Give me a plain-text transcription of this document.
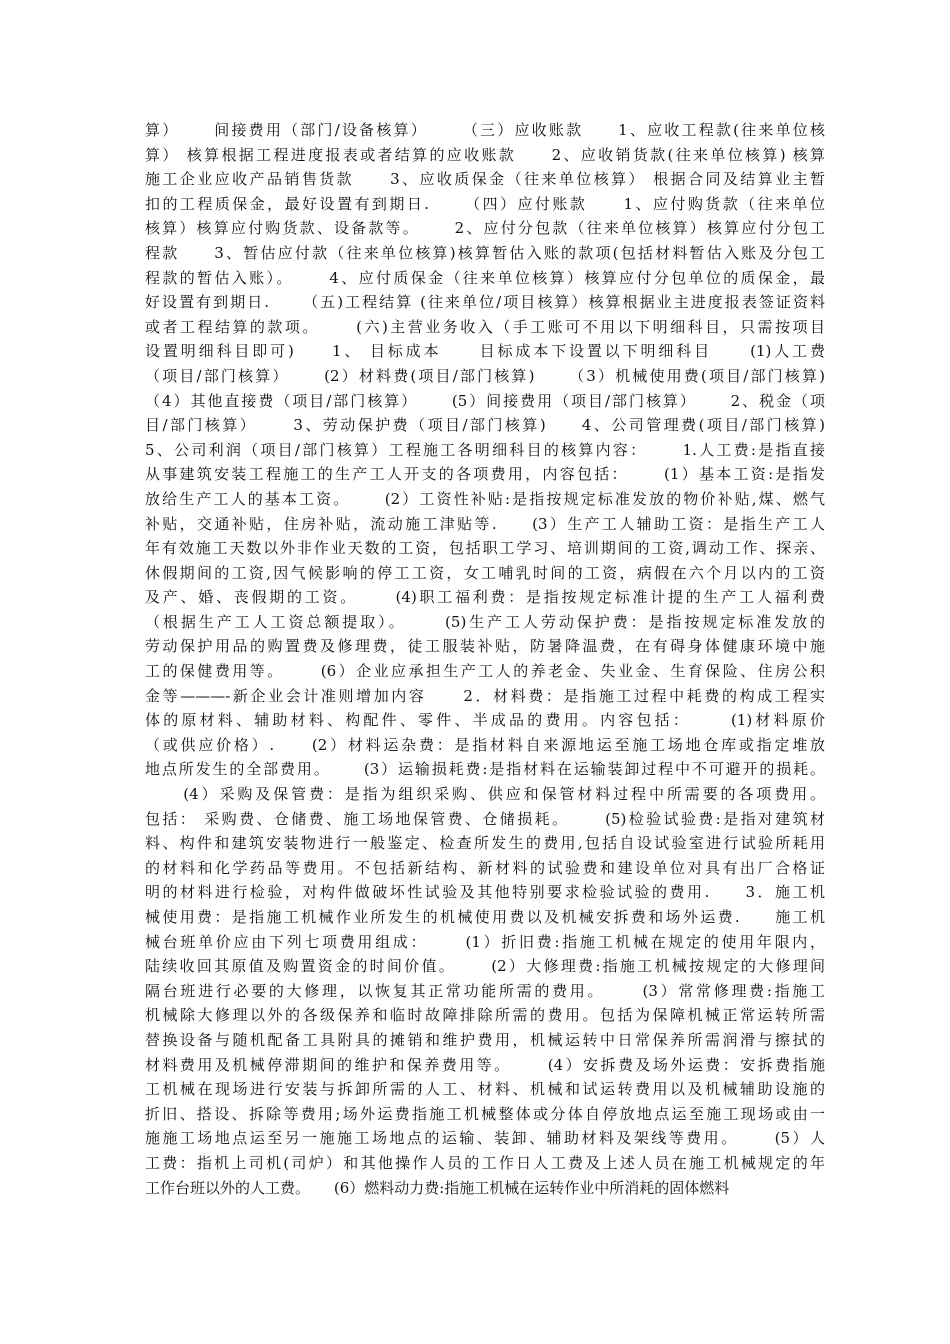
算）     间接费用（部门/设备核算）     （三）应收账款     1、应收工程款(往来单位核
算） 核算根据工程进度报表或者结算的应收账款     2、应收销货款(往来单位核算) 核算
施工企业应收产品销售货款     3、应收质保金（往来单位核算） 根据合同及结算业主暂
扣的工程质保金，最好设置有到期日.     （四）应付账款     1、应付购货款（往来单位
核算）核算应付购货款、设备款等。     2、应付分包款（往来单位核算）核算应付分包工
程款     3、暂估应付款（往来单位核算)核算暂估入账的款项(包括材料暂估入账及分包工
程款的暂估入账）。     4、应付质保金（往来单位核算）核算应付分包单位的质保金，最
好设置有到期日.     （五)工程结算 (往来单位/项目核算）核算根据业主进度报表签证资料
或者工程结算的款项。     (六)主营业务收入（手工账可不用以下明细科目，只需按项目
设置明细科目即可)     1、 目标成本     目标成本下设置以下明细科目     (1)人工费
（项目/部门核算）     (2）材料费(项目/部门核算)     （3）机械使用费(项目/部门核算)
（4）其他直接费（项目/部门核算）     (5）间接费用（项目/部门核算）     2、税金（项
目/部门核算）     3、劳动保护费（项目/部门核算)     4、公司管理费(项目/部门核算)
5、公司利润（项目/部门核算）工程施工各明细科目的核算内容：     1.人工费:是指直接
从事建筑安装工程施工的生产工人开支的各项费用，内容包括：     (1）基本工资:是指发
放给生产工人的基本工资。     (2）工资性补贴:是指按规定标准发放的物价补贴,煤、燃气
补贴，交通补贴，住房补贴，流动施工津贴等.     (3）生产工人辅助工资：是指生产工人
年有效施工天数以外非作业天数的工资，包括职工学习、培训期间的工资,调动工作、探亲、
休假期间的工资,因气候影响的停工工资，女工哺乳时间的工资，病假在六个月以内的工资
及产、婚、丧假期的工资。     (4)职工福利费：是指按规定标准计提的生产工人福利费
（根据生产工人工资总额提取）。     (5)生产工人劳动保护费：是指按规定标准发放的
劳动保护用品的购置费及修理费，徒工服装补贴，防暑降温费，在有碍身体健康环境中施
工的保健费用等。     (6）企业应承担生产工人的养老金、失业金、生育保险、住房公积
金等———-新企业会计准则增加内容     2．材料费：是指施工过程中耗费的构成工程实
体的原材料、辅助材料、构配件、零件、半成品的费用。内容包括：     (1)材料原价
（或供应价格）.     (2）材料运杂费：是指材料自来源地运至施工场地仓库或指定堆放
地点所发生的全部费用。     (3）运输损耗费:是指材料在运输装卸过程中不可避开的损耗。
(4）采购及保管费：是指为组织采购、供应和保管材料过程中所需要的各项费用。
包括： 采购费、仓储费、施工场地保管费、仓储损耗。     (5)检验试验费:是指对建筑材
料、构件和建筑安装物进行一般鉴定、检查所发生的费用,包括自设试验室进行试验所耗用
的材料和化学药品等费用。不包括新结构、新材料的试验费和建设单位对具有出厂合格证
明的材料进行检验，对构件做破坏性试验及其他特别要求检验试验的费用.     3．施工机
械使用费：是指施工机械作业所发生的机械使用费以及机械安拆费和场外运费.     施工机
械台班单价应由下列七项费用组成：     (1）折旧费:指施工机械在规定的使用年限内，
陆续收回其原值及购置资金的时间价值。     (2）大修理费:指施工机械按规定的大修理间
隔台班进行必要的大修理，以恢复其正常功能所需的费用。     (3）常常修理费:指施工
机械除大修理以外的各级保养和临时故障排除所需的费用。包括为保障机械正常运转所需
替换设备与随机配备工具附具的摊销和维护费用，机械运转中日常保养所需润滑与擦拭的
材料费用及机械停滞期间的维护和保养费用等。     (4）安拆费及场外运费：安拆费指施
工机械在现场进行安装与拆卸所需的人工、材料、机械和试运转费用以及机械辅助设施的
折旧、搭设、拆除等费用;场外运费指施工机械整体或分体自停放地点运至施工现场或由一
施施工场地点运至另一施施工场地点的运输、装卸、辅助材料及架线等费用。     (5）人
工费：指机上司机(司炉）和其他操作人员的工作日人工费及上述人员在施工机械规定的年
工作台班以外的人工费。     (6）燃料动力费:指施工机械在运转作业中所消耗的固体燃料
